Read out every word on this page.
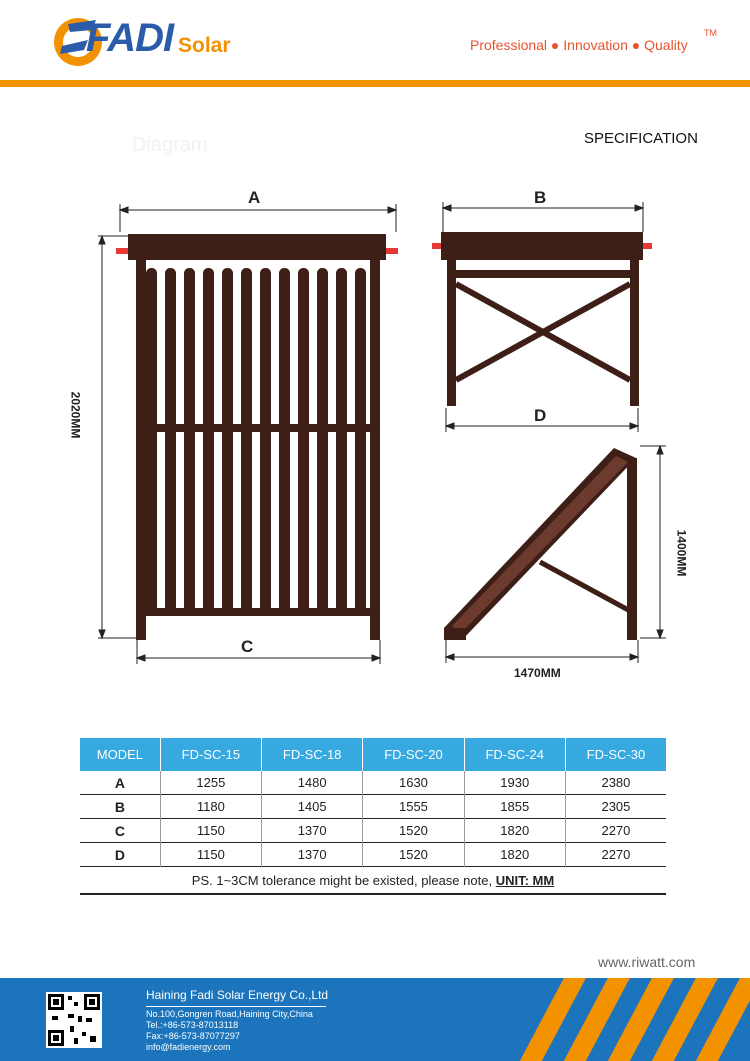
FADI Solar	Professional ● Innovation ● Quality
TM
Diagram	SPECIFICATION
A	B
C
D
2020MM
1400MM
1470MM
MODEL	FD-SC-15	FD-SC-18	FD-SC-20	FD-SC-24	FD-SC-30
A	1255	1480	1630	1930	2380
B	1180	1405	1555	1855	2305
C	1150	1370	1520	1820	2270
D	1150	1370	1520	1820	2270
PS. 1~3CM tolerance might be existed, please note, UNIT: MM					
www.riwatt.com
Haining Fadi Solar Energy Co.,Ltd
No.100,Gongren Road,Haining City,China
Tel.:+86-573-87013118
Fax:+86-573-87077297
info@fadienergy.com
